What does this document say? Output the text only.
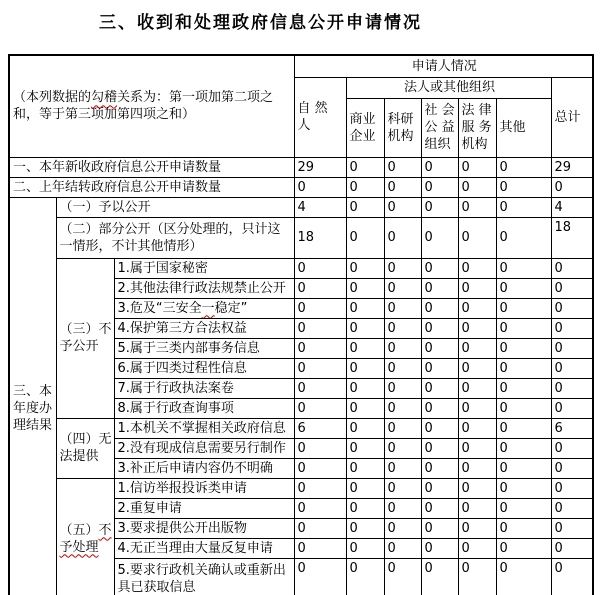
三、收到和处理政府信息公开申请情况
（本列数据的勾稽关系为：第一项加第二项之和，等于第三项加第四项之和）			申请人情况						
			自 然 人	法人或其他组织					总计
				商业企业	科研机构	社 会 公 益 组织	法 律 服 务 机构	其他	
一、本年新收政府信息公开申请数量			29	0	0	0	0	0	29
二、上年结转政府信息公开申请数量			0	0	0	0	0	0	0
三、本年度办理结果	（一）予以公开		4	0	0	0	0	0	4
	（二）部分公开（区分处理的，只计这一情形，不计其他情形）		18	0	0	0	0	0	18
	（三）不予公开	1.属于国家秘密	0	0	0	0	0	0	0
		2.其他法律行政法规禁止公开	0	0	0	0	0	0	0
		3.危及“三安全一稳定”	0	0	0	0	0	0	0
		4.保护第三方合法权益	0	0	0	0	0	0	0
		5.属于三类内部事务信息	0	0	0	0	0	0	0
		6.属于四类过程性信息	0	0	0	0	0	0	0
		7.属于行政执法案卷	0	0	0	0	0	0	0
		8.属于行政查询事项	0	0	0	0	0	0	0
	（四）无法提供	1.本机关不掌握相关政府信息	6	0	0	0	0	0	6
		2.没有现成信息需要另行制作	0	0	0	0	0	0	0
		3.补正后申请内容仍不明确	0	0	0	0	0	0	0
	（五）不予处理	1.信访举报投诉类申请	0	0	0	0	0	0	0
		2.重复申请	0	0	0	0	0	0	0
		3.要求提供公开出版物	0	0	0	0	0	0	0
		4.无正当理由大量反复申请	0	0	0	0	0	0	0
		5.要求行政机关确认或重新出具已获取信息	0	0	0	0	0	0	0
